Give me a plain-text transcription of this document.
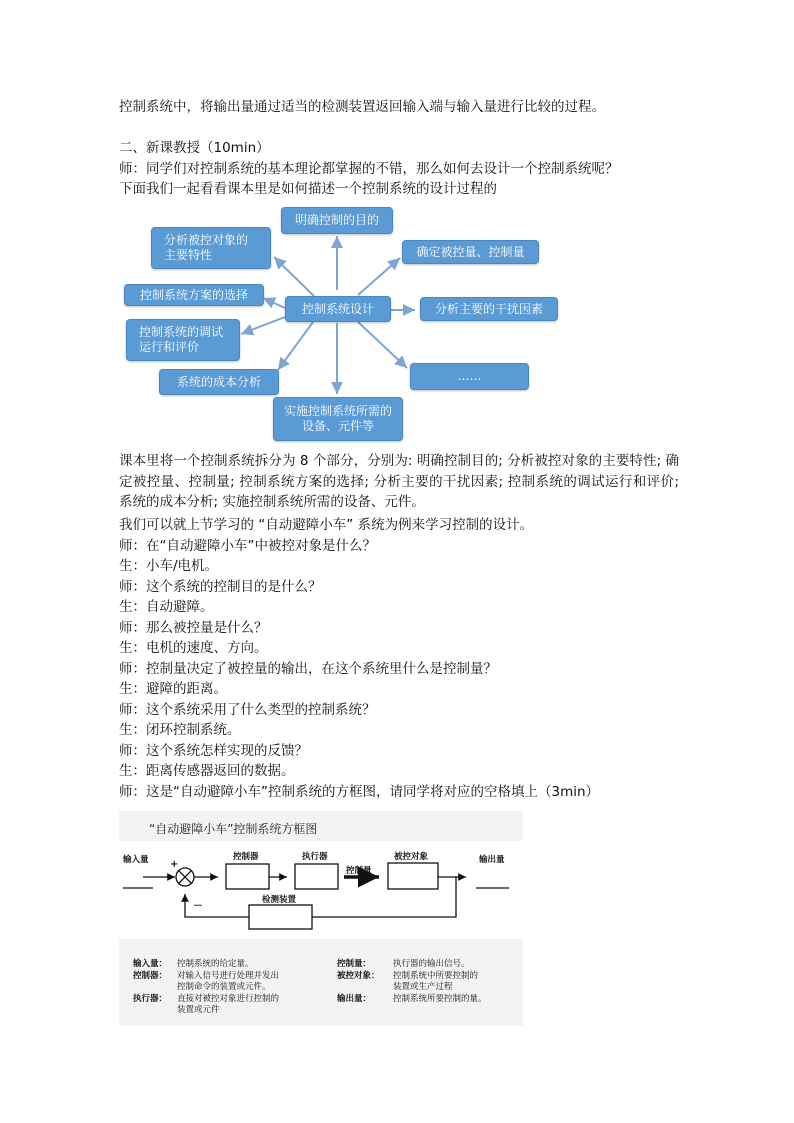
控制系统中，将输出量通过适当的检测装置返回输入端与输入量进行比较的过程。
二、新课教授（10min）
师：同学们对控制系统的基本理论都掌握的不错，那么如何去设计一个控制系统呢？
下面我们一起看看课本里是如何描述一个控制系统的设计过程的
控制系统设计
明确控制的目的
确定被控量、控制量
分析主要的干扰因素
……
实施控制系统所需的设备、元件等
系统的成本分析
控制系统的调试运行和评价
控制系统方案的选择
分析被控对象的主要特性
课本里将一个控制系统拆分为 8 个部分，分别为: 明确控制目的; 分析被控对象的主要特性; 确定被控量、控制量; 控制系统方案的选择; 分析主要的干扰因素; 控制系统的调试运行和评价; 系统的成本分析; 实施控制系统所需的设备、元件。
我们可以就上节学习的 “自动避障小车” 系统为例来学习控制的设计。
师：在“自动避障小车”中被控对象是什么？
生：小车/电机。
师：这个系统的控制目的是什么？
生：自动避障。
师：那么被控量是什么？
生：电机的速度、方向。
师：控制量决定了被控量的输出，在这个系统里什么是控制量？
生：避障的距离。
师：这个系统采用了什么类型的控制系统？
生：闭环控制系统。
师：这个系统怎样实现的反馈？
生：距离传感器返回的数据。
师：这是“自动避障小车”控制系统的方框图，请同学将对应的空格填上（3min）
“自动避障小车”控制系统方框图
输入量 +
－
控制器	执行器
控制量
被控对象	输出量
检测装置
输入量： 控制系统的给定量。
控制器： 对输入信号进行处理并发出
控制命令的装置或元件。
执行器： 直接对被控对象进行控制的
装置或元件
控制量：	执行器的输出信号。
被控对象： 控制系统中所要控制的
装置或生产过程
输出量：	控制系统所要控制的量。
